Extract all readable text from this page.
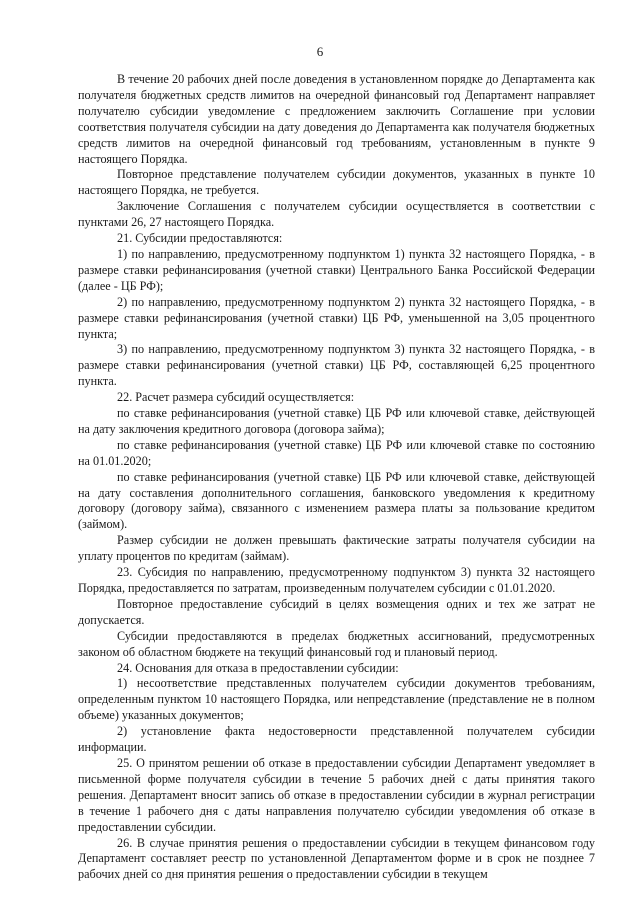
6

В течение 20 рабочих дней после доведения в установленном порядке до Департамента как получателя бюджетных средств лимитов на очередной финансовый год Департамент направляет получателю субсидии уведомление с предложением заключить Соглашение при условии соответствия получателя субсидии на дату доведения до Департамента как получателя бюджетных средств лимитов на очередной финансовый год требованиям, установленным в пункте 9 настоящего Порядка.

Повторное представление получателем субсидии документов, указанных в пункте 10 настоящего Порядка, не требуется.

Заключение Соглашения с получателем субсидии осуществляется в соответствии с пунктами 26, 27 настоящего Порядка.

21. Субсидии предоставляются:

1) по направлению, предусмотренному подпунктом 1) пункта 32 настоящего Порядка, - в размере ставки рефинансирования (учетной ставки) Центрального Банка Российской Федерации (далее - ЦБ РФ);

2) по направлению, предусмотренному подпунктом 2) пункта 32 настоящего Порядка, - в размере ставки рефинансирования (учетной ставки) ЦБ РФ, уменьшенной на 3,05 процентного пункта;

3) по направлению, предусмотренному подпунктом 3) пункта 32 настоящего Порядка, - в размере ставки рефинансирования (учетной ставки) ЦБ РФ, составляющей 6,25 процентного пункта.

22. Расчет размера субсидий осуществляется:

по ставке рефинансирования (учетной ставке) ЦБ РФ или ключевой ставке, действующей на дату заключения кредитного договора (договора займа);

по ставке рефинансирования (учетной ставке) ЦБ РФ или ключевой ставке по состоянию на 01.01.2020;

по ставке рефинансирования (учетной ставке) ЦБ РФ или ключевой ставке, действующей на дату составления дополнительного соглашения, банковского уведомления к кредитному договору (договору займа), связанного с изменением размера платы за пользование кредитом (займом).

Размер субсидии не должен превышать фактические затраты получателя субсидии на уплату процентов по кредитам (займам).

23. Субсидия по направлению, предусмотренному подпунктом 3) пункта 32 настоящего Порядка, предоставляется по затратам, произведенным получателем субсидии с 01.01.2020.

Повторное предоставление субсидий в целях возмещения одних и тех же затрат не допускается.

Субсидии предоставляются в пределах бюджетных ассигнований, предусмотренных законом об областном бюджете на текущий финансовый год и плановый период.

24. Основания для отказа в предоставлении субсидии:

1) несоответствие представленных получателем субсидии документов требованиям, определенным пунктом 10 настоящего Порядка, или непредставление (представление не в полном объеме) указанных документов;

2) установление факта недостоверности представленной получателем субсидии информации.

25. О принятом решении об отказе в предоставлении субсидии Департамент уведомляет в письменной форме получателя субсидии в течение 5 рабочих дней с даты принятия такого решения. Департамент вносит запись об отказе в предоставлении субсидии в журнал регистрации в течение 1 рабочего дня с даты направления получателю субсидии уведомления об отказе в предоставлении субсидии.

26. В случае принятия решения о предоставлении субсидии в текущем финансовом году Департамент составляет реестр по установленной Департаментом форме и в срок не позднее 7 рабочих дней со дня принятия решения о предоставлении субсидии в текущем
